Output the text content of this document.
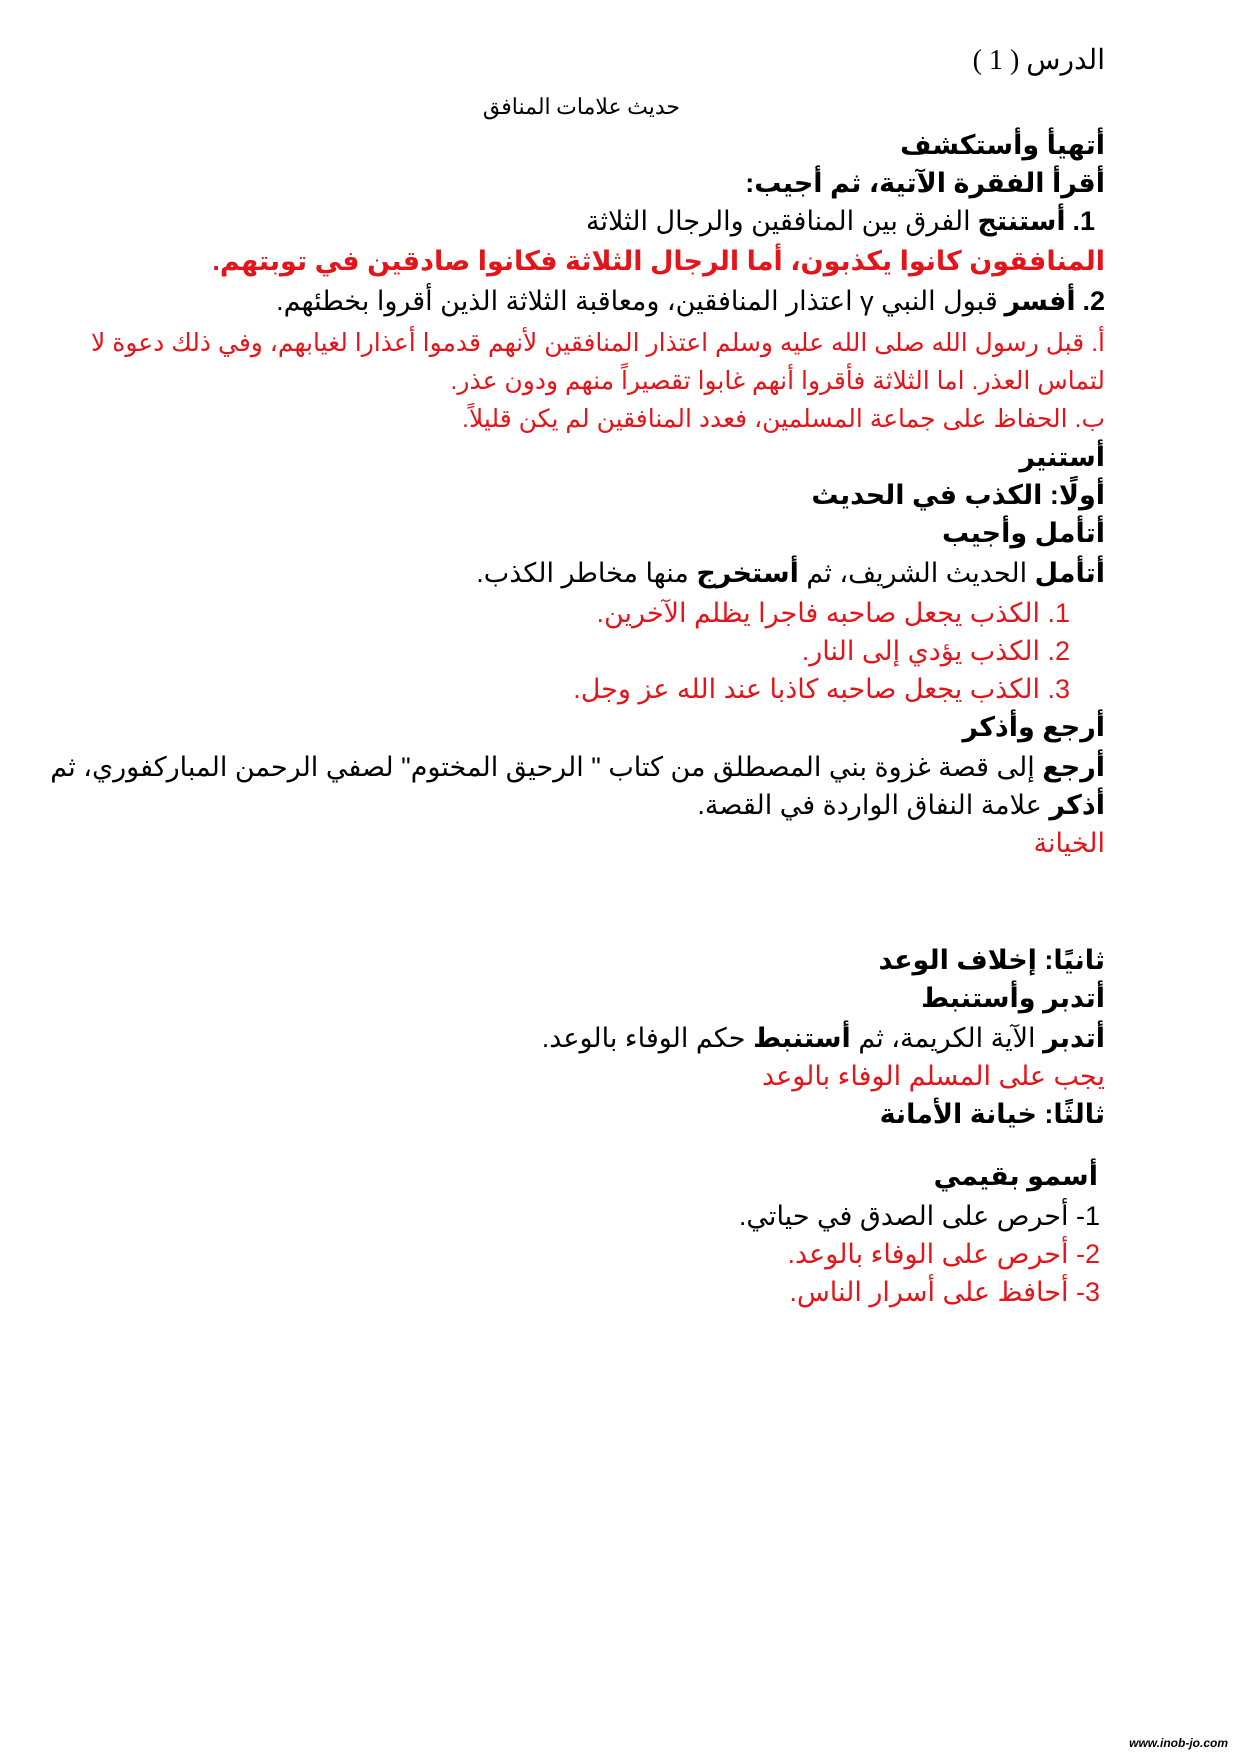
الدرس ( 1 )
حديث علامات المنافق
أتهيأ وأستكشف
أقرأ الفقرة الآتية، ثم أجيب:
1. أستنتج الفرق بين المنافقين والرجال الثلاثة
المنافقون كانوا يكذبون، أما الرجال الثلاثة فكانوا صادقين في توبتهم.
2. أفسر قبول النبي γ اعتذار المنافقين، ومعاقبة الثلاثة الذين أقروا بخطئهم.
أ. قبل رسول الله صلى الله عليه وسلم اعتذار المنافقين لأنهم قدموا أعذارا لغيابهم، وفي ذلك دعوة لا
لتماس العذر. اما الثلاثة فأقروا أنهم غابوا تقصيراً منهم ودون عذر.
ب. الحفاظ على جماعة المسلمين، فعدد المنافقين لم يكن قليلاً.
أستنير
أولًا: الكذب في الحديث
أتأمل وأجيب
أتأمل الحديث الشريف، ثم أستخرج منها مخاطر الكذب.
1. الكذب يجعل صاحبه فاجرا يظلم الآخرين.
2. الكذب يؤدي إلى النار.
3. الكذب يجعل صاحبه كاذبا عند الله عز وجل.
أرجع وأذكر
أرجع إلى قصة غزوة بني المصطلق من كتاب " الرحيق المختوم" لصفي الرحمن المباركفوري، ثم
أذكر علامة النفاق الواردة في القصة.
الخيانة
ثانيًا: إخلاف الوعد
أتدبر وأستنبط
أتدبر الآية الكريمة، ثم أستنبط حكم الوفاء بالوعد.
يجب على المسلم الوفاء بالوعد
ثالثًا: خيانة الأمانة
أسمو بقيمي
1- أحرص على الصدق في حياتي.
2- أحرص على الوفاء بالوعد.
3- أحافظ على أسرار الناس.
www.inob-jo.com
